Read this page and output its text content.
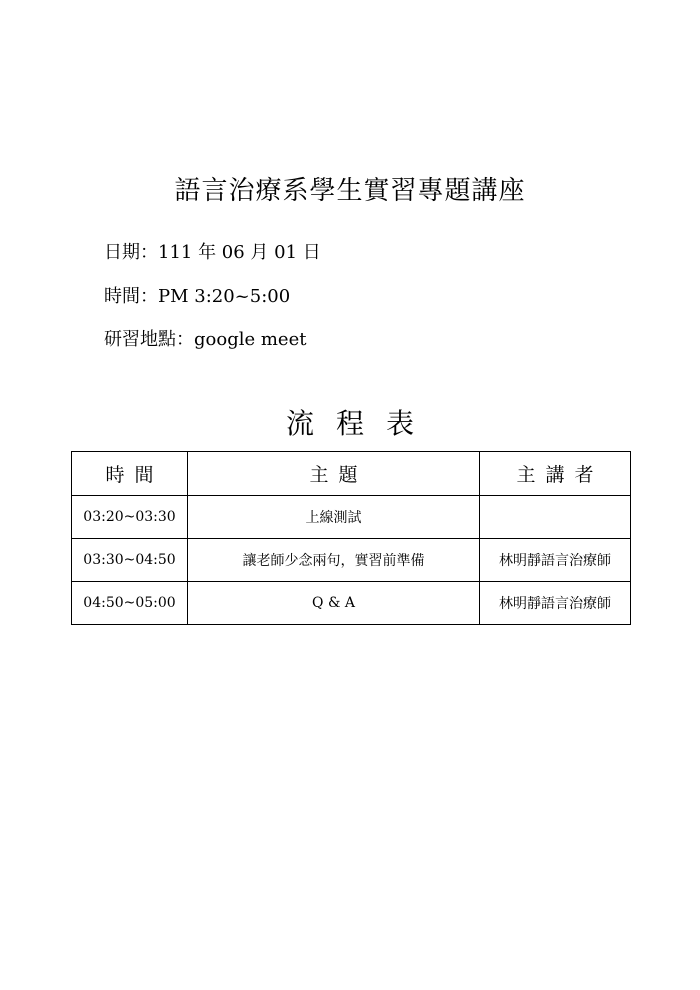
語言治療系學生實習專題講座
日期：111 年 06 月 01 日
時間：PM 3:20~5:00
研習地點：google meet
流程表
時間	主題	主講者
03:20~03:30	上線測試	
03:30~04:50	讓老師少念兩句，實習前準備	林明靜語言治療師
04:50~05:00	Q & A	林明靜語言治療師
